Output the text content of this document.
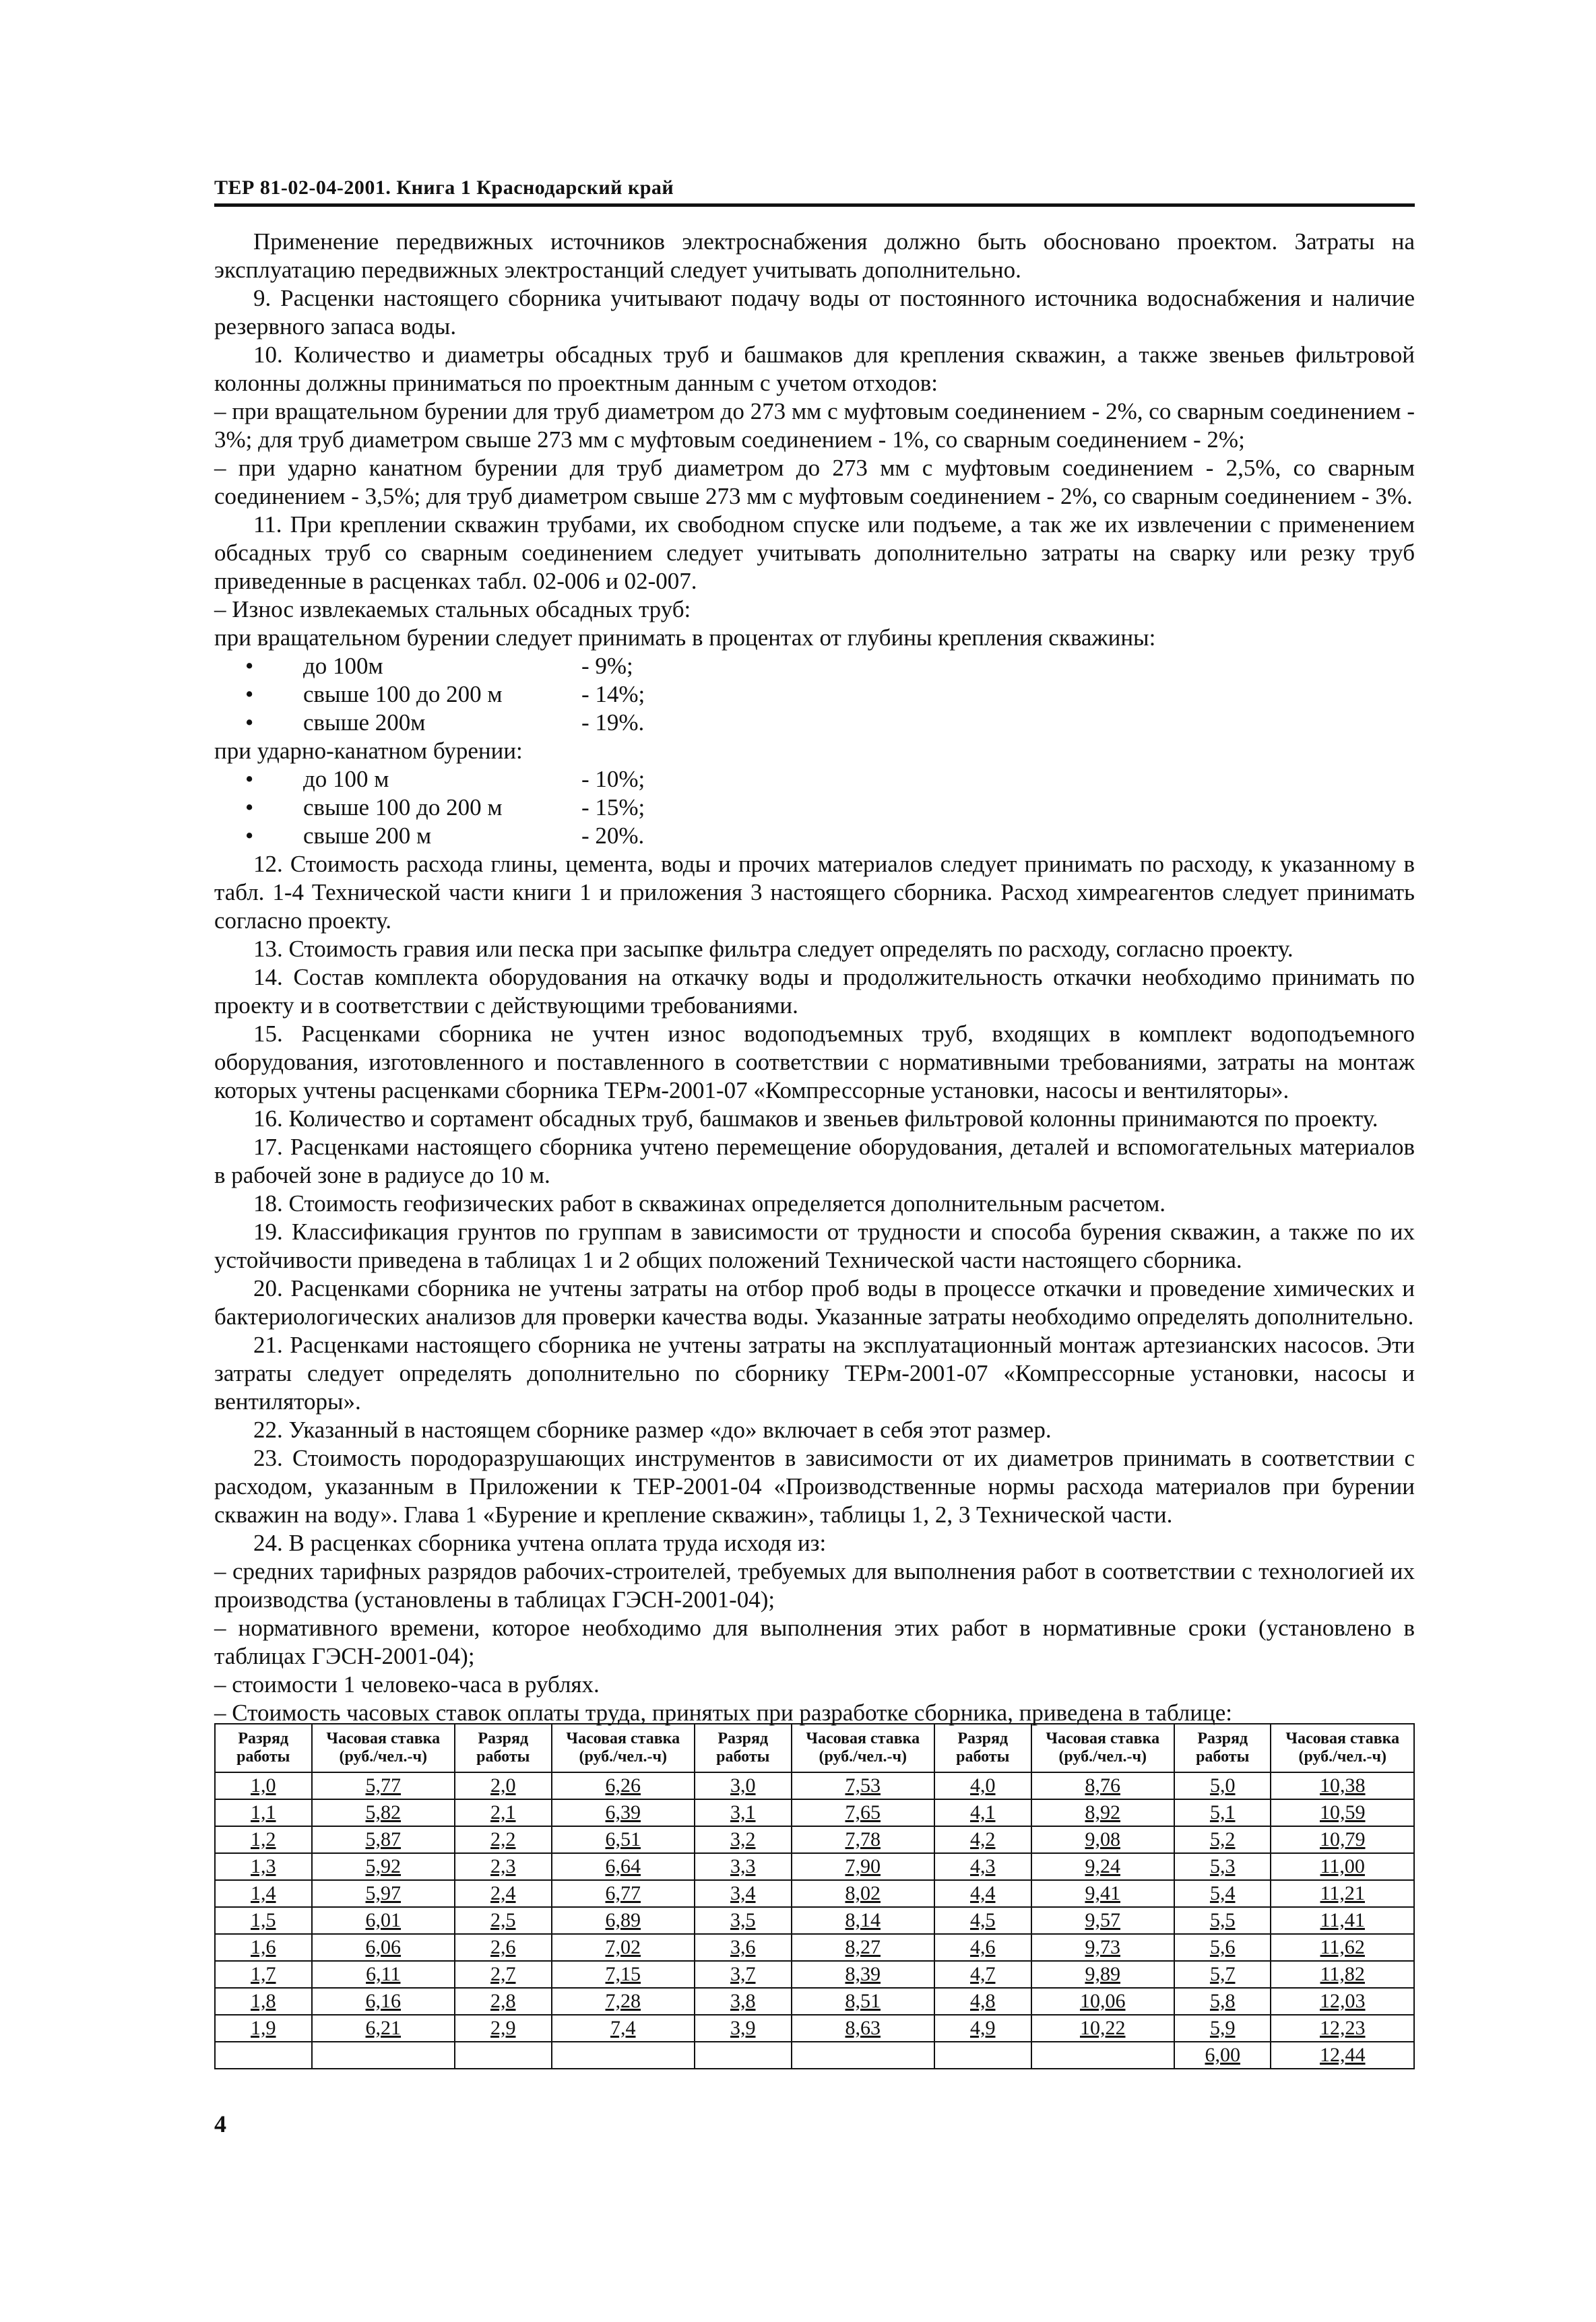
ТЕР 81-02-04-2001. Книга 1 Краснодарский край

Применение передвижных источников электроснабжения должно быть обосновано проектом. Затраты на эксплуатацию передвижных электростанций следует учитывать дополнительно.

9. Расценки настоящего сборника учитывают подачу воды от постоянного источника водоснабжения и наличие резервного запаса воды.

10. Количество и диаметры обсадных труб и башмаков для крепления скважин, а также звеньев фильтровой колонны должны приниматься по проектным данным с учетом отходов:

– при вращательном бурении для труб диаметром до 273 мм с муфтовым соединением - 2%, со сварным соединением - 3%; для труб диаметром свыше 273 мм с муфтовым соединением - 1%, со сварным соединением - 2%;

– при ударно канатном бурении для труб диаметром до 273 мм с муфтовым соединением - 2,5%, со сварным соединением - 3,5%; для труб диаметром свыше 273 мм с муфтовым соединением - 2%, со сварным соединением - 3%.

11. При креплении скважин трубами, их свободном спуске или подъеме, а так же их извлечении с применением обсадных труб со сварным соединением следует учитывать дополнительно затраты на сварку или резку труб приведенные в расценках табл. 02-006 и 02-007.

– Износ извлекаемых стальных обсадных труб:

при вращательном бурении следует принимать в процентах от глубины крепления скважины:

• до 100м	- 9%;
• свыше 100 до 200 м	- 14%;
• свыше 200м	- 19%.

при ударно-канатном бурении:

• до 100 м	- 10%;
• свыше 100 до 200 м	- 15%;
• свыше 200 м	- 20%.

12. Стоимость расхода глины, цемента, воды и прочих материалов следует принимать по расходу, к указанному в табл. 1-4 Технической части книги 1 и приложения 3 настоящего сборника. Расход химреагентов следует принимать согласно проекту.

13. Стоимость гравия или песка при засыпке фильтра следует определять по расходу, согласно проекту.

14. Состав комплекта оборудования на откачку воды и продолжительность откачки необходимо принимать по проекту и в соответствии с действующими требованиями.

15. Расценками сборника не учтен износ водоподъемных труб, входящих в комплект водоподъемного оборудования, изготовленного и поставленного в соответствии с нормативными требованиями, затраты на монтаж которых учтены расценками сборника ТЕРм-2001-07 «Компрессорные установки, насосы и вентиляторы».

16. Количество и сортамент обсадных труб, башмаков и звеньев фильтровой колонны принимаются по проекту.

17. Расценками настоящего сборника учтено перемещение оборудования, деталей и вспомогательных материалов в рабочей зоне в радиусе до 10 м.

18. Стоимость геофизических работ в скважинах определяется дополнительным расчетом.

19. Классификация грунтов по группам в зависимости от трудности и способа бурения скважин, а также по их устойчивости приведена в таблицах 1 и 2 общих положений Технической части настоящего сборника.

20. Расценками сборника не учтены затраты на отбор проб воды в процессе откачки и проведение химических и бактериологических анализов для проверки качества воды. Указанные затраты необходимо определять дополнительно.

21. Расценками настоящего сборника не учтены затраты на эксплуатационный монтаж артезианских насосов. Эти затраты следует определять дополнительно по сборнику ТЕРм-2001-07 «Компрессорные установки, насосы и вентиляторы».

22. Указанный в настоящем сборнике размер «до» включает в себя этот размер.

23. Стоимость породоразрушающих инструментов в зависимости от их диаметров принимать в соответствии с расходом, указанным в Приложении к ТЕР-2001-04 «Производственные нормы расхода материалов при бурении скважин на воду». Глава 1 «Бурение и крепление скважин», таблицы 1, 2, 3 Технической части.

24. В расценках сборника учтена оплата труда исходя из:

– средних тарифных разрядов рабочих-строителей, требуемых для выполнения работ в соответствии с технологией их производства (установлены в таблицах ГЭСН-2001-04);

– нормативного времени, которое необходимо для выполнения этих работ в нормативные сроки (установлено в таблицах ГЭСН-2001-04);

– стоимости 1 человеко-часа в рублях.

– Стоимость часовых ставок оплаты труда, принятых при разработке сборника, приведена в таблице:

Разряд работы	Часовая ставка (руб./чел.-ч)	Разряд работы	Часовая ставка (руб./чел.-ч)	Разряд работы	Часовая ставка (руб./чел.-ч)	Разряд работы	Часовая ставка (руб./чел.-ч)	Разряд работы	Часовая ставка (руб./чел.-ч)
1,0	5,77	2,0	6,26	3,0	7,53	4,0	8,76	5,0	10,38
1,1	5,82	2,1	6,39	3,1	7,65	4,1	8,92	5,1	10,59
1,2	5,87	2,2	6,51	3,2	7,78	4,2	9,08	5,2	10,79
1,3	5,92	2,3	6,64	3,3	7,90	4,3	9,24	5,3	11,00
1,4	5,97	2,4	6,77	3,4	8,02	4,4	9,41	5,4	11,21
1,5	6,01	2,5	6,89	3,5	8,14	4,5	9,57	5,5	11,41
1,6	6,06	2,6	7,02	3,6	8,27	4,6	9,73	5,6	11,62
1,7	6,11	2,7	7,15	3,7	8,39	4,7	9,89	5,7	11,82
1,8	6,16	2,8	7,28	3,8	8,51	4,8	10,06	5,8	12,03
1,9	6,21	2,9	7,4	3,9	8,63	4,9	10,22	5,9	12,23
								6,00	12,44
4
